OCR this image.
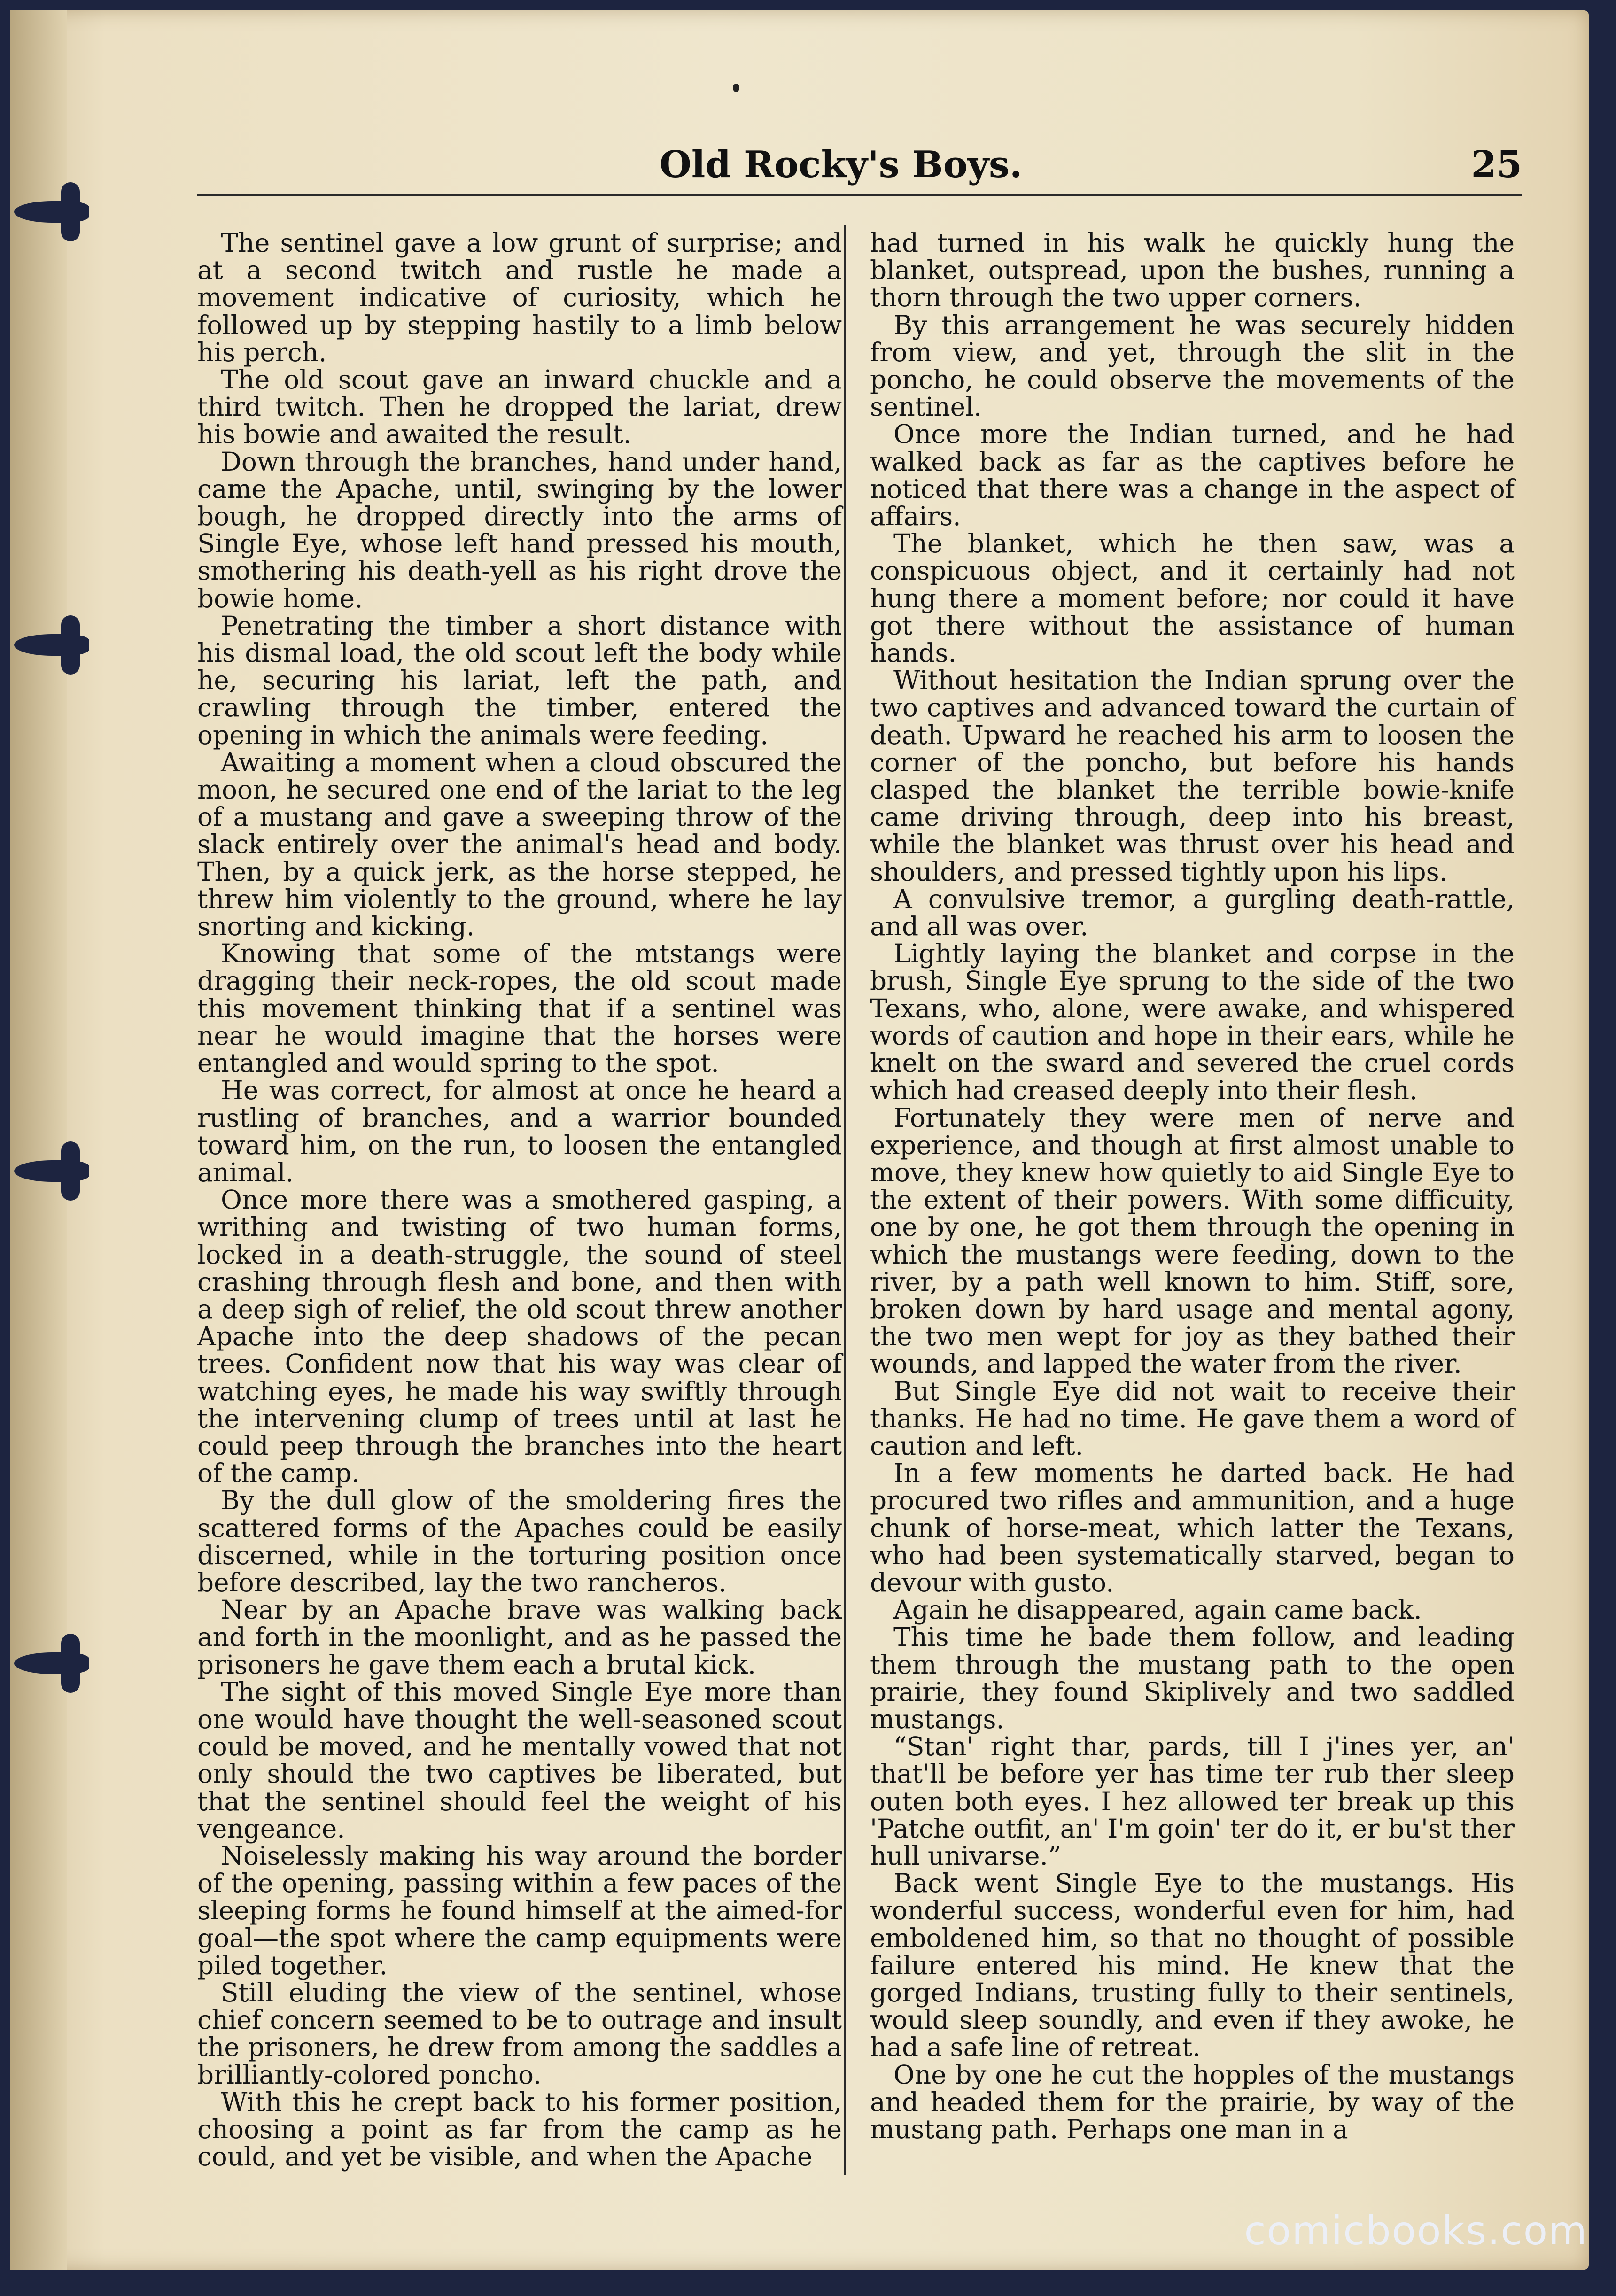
Old Rocky's Boys.	25

The sentinel gave a low grunt of surprise; and at a second twitch and rustle he made a movement indicative of curiosity, which he followed up by stepping hastily to a limb below his perch.

The old scout gave an inward chuckle and a third twitch. Then he dropped the lariat, drew his bowie and awaited the result.

Down through the branches, hand under hand, came the Apache, until, swinging by the lower bough, he dropped directly into the arms of Single Eye, whose left hand pressed his mouth, smothering his death-yell as his right drove the bowie home.

Penetrating the timber a short distance with his dismal load, the old scout left the body while he, securing his lariat, left the path, and crawling through the timber, entered the opening in which the animals were feeding.

Awaiting a moment when a cloud obscured the moon, he secured one end of the lariat to the leg of a mustang and gave a sweeping throw of the slack entirely over the animal's head and body. Then, by a quick jerk, as the horse stepped, he threw him violently to the ground, where he lay snorting and kicking.

Knowing that some of the mtstangs were dragging their neck-ropes, the old scout made this movement thinking that if a sentinel was near he would imagine that the horses were entangled and would spring to the spot.

He was correct, for almost at once he heard a rustling of branches, and a warrior bounded toward him, on the run, to loosen the entangled animal.

Once more there was a smothered gasping, a writhing and twisting of two human forms, locked in a death-struggle, the sound of steel crashing through flesh and bone, and then with a deep sigh of relief, the old scout threw another Apache into the deep shadows of the pecan trees. Confident now that his way was clear of watching eyes, he made his way swiftly through the intervening clump of trees until at last he could peep through the branches into the heart of the camp.

By the dull glow of the smoldering fires the scattered forms of the Apaches could be easily discerned, while in the torturing position once before described, lay the two rancheros.

Near by an Apache brave was walking back and forth in the moonlight, and as he passed the prisoners he gave them each a brutal kick.

The sight of this moved Single Eye more than one would have thought the well-seasoned scout could be moved, and he mentally vowed that not only should the two captives be liberated, but that the sentinel should feel the weight of his vengeance.

Noiselessly making his way around the border of the opening, passing within a few paces of the sleeping forms he found himself at the aimed-for goal—the spot where the camp equipments were piled together.

Still eluding the view of the sentinel, whose chief concern seemed to be to outrage and insult the prisoners, he drew from among the saddles a brilliantly-colored poncho.

With this he crept back to his former position, choosing a point as far from the camp as he could, and yet be visible, and when the Apache

had turned in his walk he quickly hung the blanket, outspread, upon the bushes, running a thorn through the two upper corners.

By this arrangement he was securely hidden from view, and yet, through the slit in the poncho, he could observe the movements of the sentinel.

Once more the Indian turned, and he had walked back as far as the captives before he noticed that there was a change in the aspect of affairs.

The blanket, which he then saw, was a conspicuous object, and it certainly had not hung there a moment before; nor could it have got there without the assistance of human hands.

Without hesitation the Indian sprung over the two captives and advanced toward the curtain of death. Upward he reached his arm to loosen the corner of the poncho, but before his hands clasped the blanket the terrible bowie-knife came driving through, deep into his breast, while the blanket was thrust over his head and shoulders, and pressed tightly upon his lips.

A convulsive tremor, a gurgling death-rattle, and all was over.

Lightly laying the blanket and corpse in the brush, Single Eye sprung to the side of the two Texans, who, alone, were awake, and whispered words of caution and hope in their ears, while he knelt on the sward and severed the cruel cords which had creased deeply into their flesh.

Fortunately they were men of nerve and experience, and though at first almost unable to move, they knew how quietly to aid Single Eye to the extent of their powers. With some difficuity, one by one, he got them through the opening in which the mustangs were feeding, down to the river, by a path well known to him. Stiff, sore, broken down by hard usage and mental agony, the two men wept for joy as they bathed their wounds, and lapped the water from the river.

But Single Eye did not wait to receive their thanks. He had no time. He gave them a word of caution and left.

In a few moments he darted back. He had procured two rifles and ammunition, and a huge chunk of horse-meat, which latter the Texans, who had been systematically starved, began to devour with gusto.

Again he disappeared, again came back.

This time he bade them follow, and leading them through the mustang path to the open prairie, they found Skiplively and two saddled mustangs.

“Stan' right thar, pards, till I j'ines yer, an' that'll be before yer has time ter rub ther sleep outen both eyes. I hez allowed ter break up this 'Patche outfit, an' I'm goin' ter do it, er bu'st ther hull univarse.”

Back went Single Eye to the mustangs. His wonderful success, wonderful even for him, had emboldened him, so that no thought of possible failure entered his mind. He knew that the gorged Indians, trusting fully to their sentinels, would sleep soundly, and even if they awoke, he had a safe line of retreat.

One by one he cut the hopples of the mustangs and headed them for the prairie, by way of the mustang path. Perhaps one man in a

comicbooks.com
